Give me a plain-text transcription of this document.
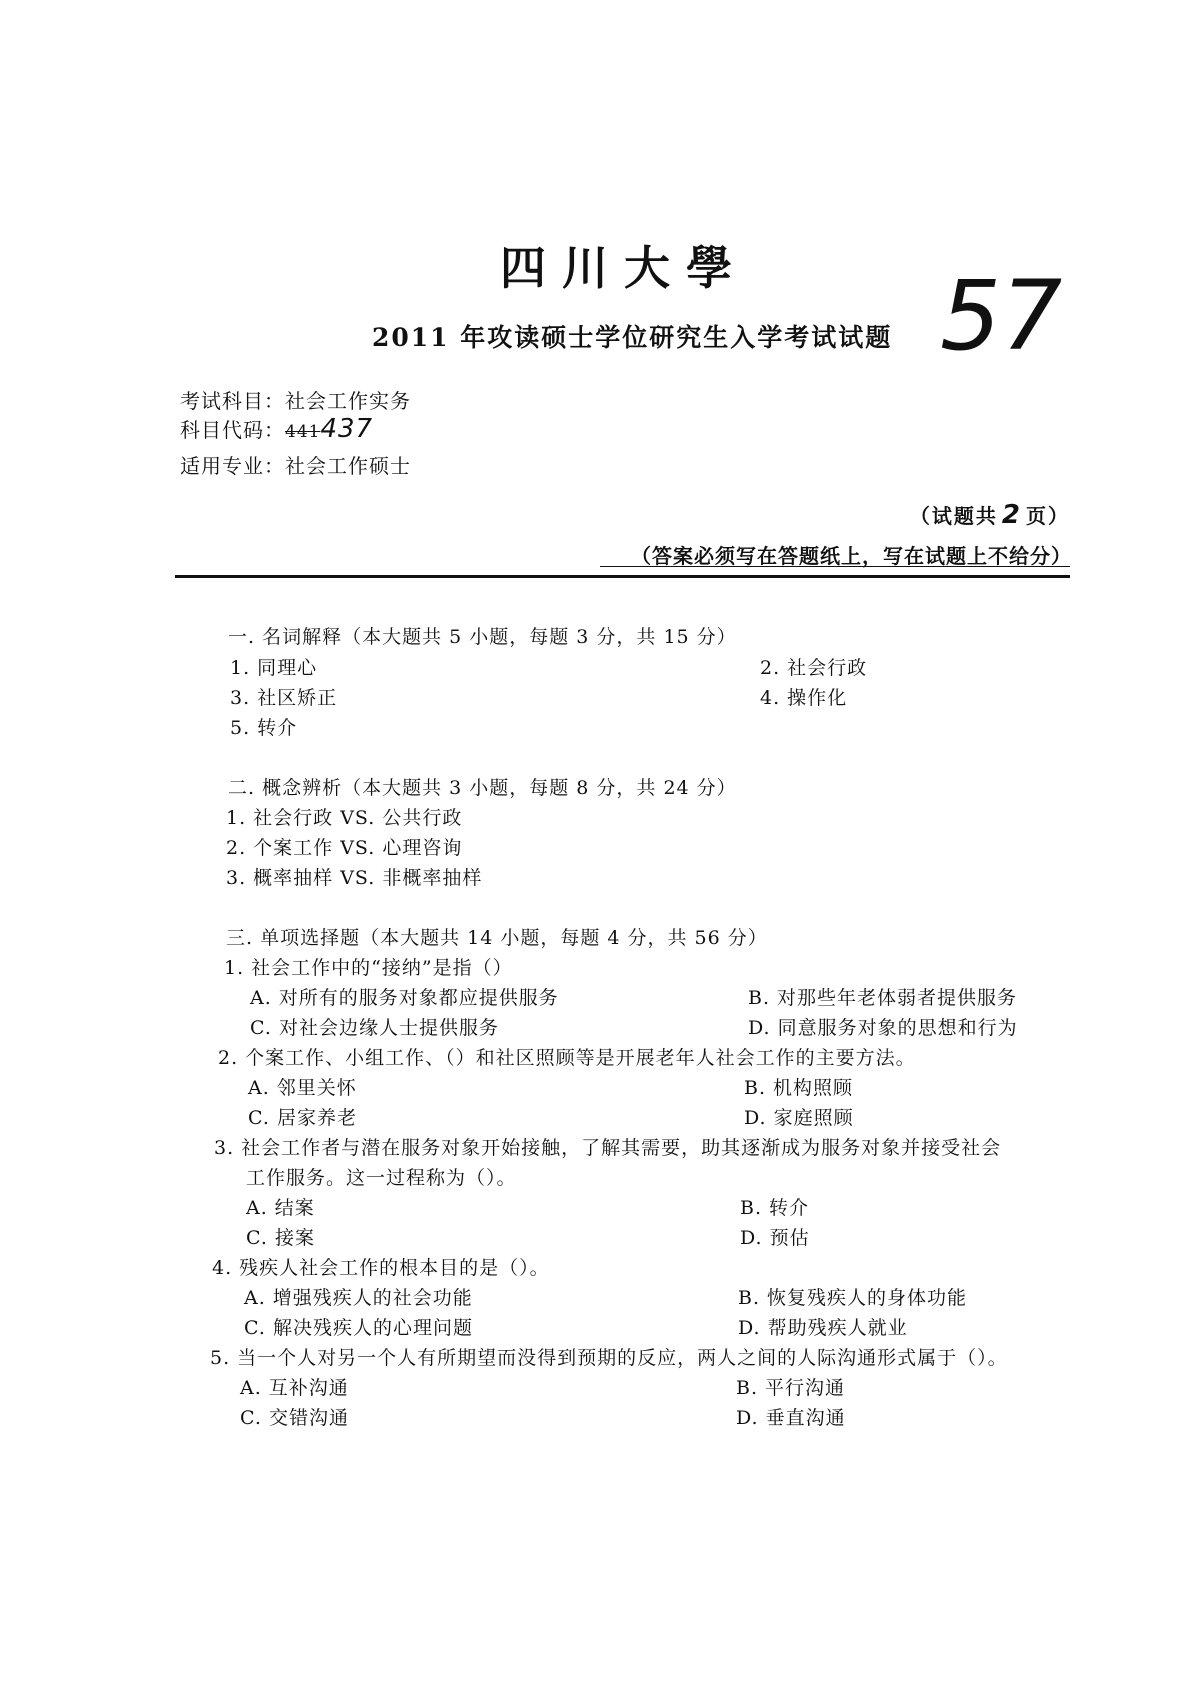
四川大學
2011 年攻读硕士学位研究生入学考试试题 57
考试科目：社会工作实务
科目代码：441437
适用专业：社会工作硕士
（试题共 2 页）
（答案必须写在答题纸上，写在试题上不给分）
一. 名词解释（本大题共 5 小题，每题 3 分，共 15 分）
1. 同理心	2. 社会行政
3. 社区矫正	4. 操作化
5. 转介
二. 概念辨析（本大题共 3 小题，每题 8 分，共 24 分）
1. 社会行政 VS. 公共行政
2. 个案工作 VS. 心理咨询
3. 概率抽样 VS. 非概率抽样
三. 单项选择题（本大题共 14 小题，每题 4 分，共 56 分）
1. 社会工作中的“接纳”是指（）
A. 对所有的服务对象都应提供服务	B. 对那些年老体弱者提供服务
C. 对社会边缘人士提供服务	D. 同意服务对象的思想和行为
2. 个案工作、小组工作、（）和社区照顾等是开展老年人社会工作的主要方法。
A. 邻里关怀	B. 机构照顾
C. 居家养老	D. 家庭照顾
3. 社会工作者与潜在服务对象开始接触，了解其需要，助其逐渐成为服务对象并接受社会
工作服务。这一过程称为（）。
A. 结案	B. 转介
C. 接案	D. 预估
4. 残疾人社会工作的根本目的是（）。
A. 增强残疾人的社会功能	B. 恢复残疾人的身体功能
C. 解决残疾人的心理问题	D. 帮助残疾人就业
5. 当一个人对另一个人有所期望而没得到预期的反应，两人之间的人际沟通形式属于（）。
A. 互补沟通	B. 平行沟通
C. 交错沟通	D. 垂直沟通
